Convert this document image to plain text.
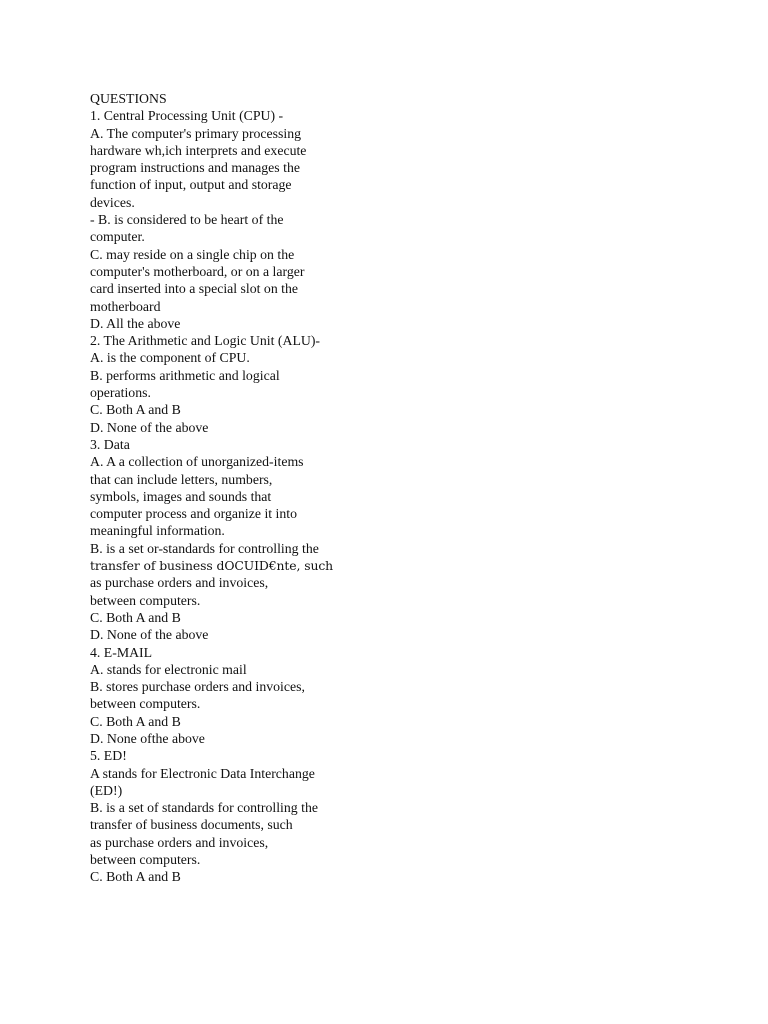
QUESTIONS
1. Central Processing Unit (CPU) -
A. The computer's primary processing
hardware wh,ich interprets and execute
program instructions and manages the
function of input, output and storage
devices.
- B. is considered to be heart of the
computer.
C. may reside on a single chip on the
computer's motherboard, or on a larger
card inserted into a special slot on the
motherboard
D. All the above
2. The Arithmetic and Logic Unit (ALU)-
A. is the component of CPU.
B. performs arithmetic and logical
operations.
C. Both A and B
D. None of the above
3. Data
A. A a collection of unorganized-items
that can include letters, numbers,
symbols, images and sounds that
computer process and organize it into
meaningful information.
B. is a set or-standards for controlling the
transfer of business dOCUID€nte, such
as purchase orders and invoices,
between computers.
C. Both A and B
D. None of the above
4. E-MAIL
A. stands for electronic mail
B. stores purchase orders and invoices,
between computers.
C. Both A and B
D. None ofthe above
5. ED!
A stands for Electronic Data Interchange
(ED!)
B. is a set of standards for controlling the
transfer of business documents, such
as purchase orders and invoices,
between computers.
C. Both A and B
